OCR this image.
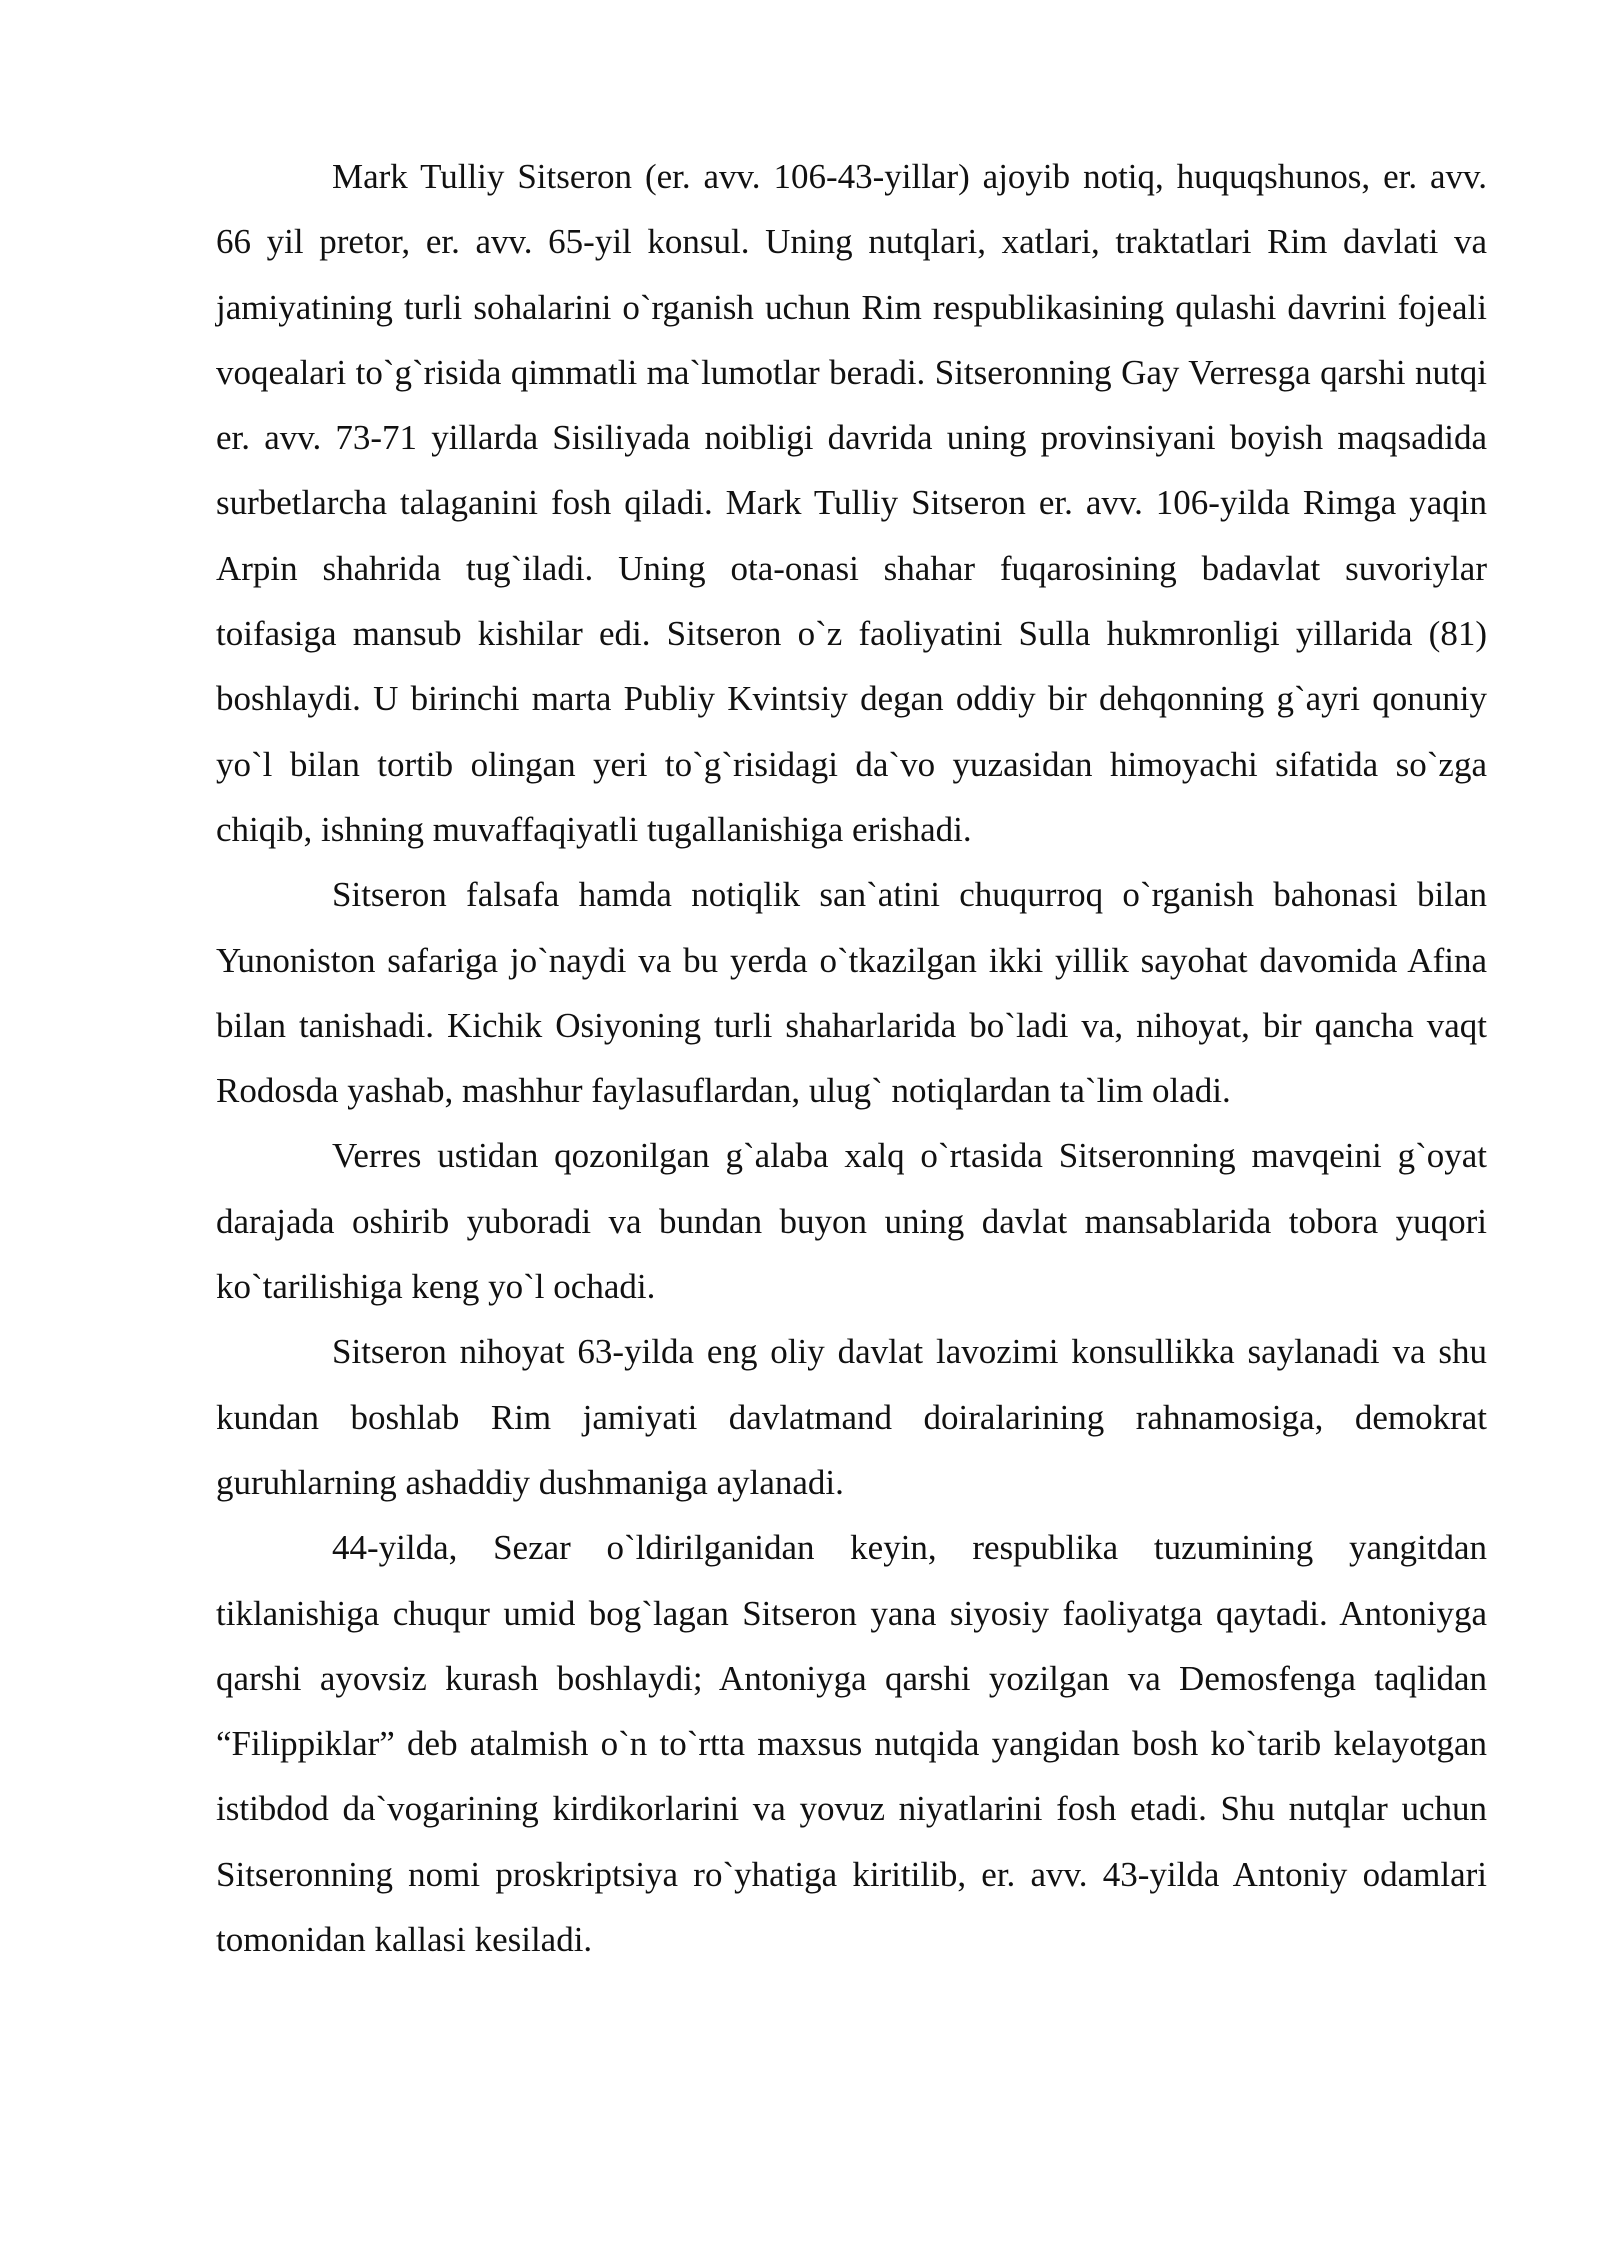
Mark Tulliy Sitseron (er. avv. 106-43-yillar) ajoyib notiq, huquqshunos, er. avv. 66 yil pretor, er. avv. 65-yil konsul. Uning nutqlari, xatlari, traktatlari Rim davlati va jamiyatining turli sohalarini o`rganish uchun Rim respublikasining qulashi davrini fojeali voqealari to`g`risida qimmatli ma`lumotlar beradi. Sitseronning Gay Verresga qarshi nutqi er. avv. 73-71 yillarda Sisiliyada noibligi davrida uning provinsiyani boyish maqsadida surbetlarcha talaganini fosh qiladi. Mark Tulliy Sitseron er. avv. 106-yilda Rimga yaqin Arpin shahrida tug`iladi. Uning ota-onasi shahar fuqarosining badavlat suvoriylar toifasiga mansub kishilar edi. Sitseron o`z faoliyatini Sulla hukmronligi yillarida (81) boshlaydi. U birinchi marta Publiy Kvintsiy degan oddiy bir dehqonning g`ayri qonuniy yo`l bilan tortib olingan yeri to`g`risidagi da`vo yuzasidan himoyachi sifatida so`zga chiqib, ishning muvaffaqiyatli tugallanishiga erishadi.

Sitseron falsafa hamda notiqlik san`atini chuqurroq o`rganish bahonasi bilan Yunoniston safariga jo`naydi va bu yerda o`tkazilgan ikki yillik sayohat davomida Afina bilan tanishadi. Kichik Osiyoning turli shaharlarida bo`ladi va, nihoyat, bir qancha vaqt Rodosda yashab, mashhur faylasuflardan, ulug` notiqlardan ta`lim oladi.

Verres ustidan qozonilgan g`alaba xalq o`rtasida Sitseronning mavqeini g`oyat darajada oshirib yuboradi va bundan buyon uning davlat mansablarida tobora yuqori ko`tarilishiga keng yo`l ochadi.

Sitseron nihoyat 63-yilda eng oliy davlat lavozimi konsullikka saylanadi va shu kundan boshlab Rim jamiyati davlatmand doiralarining rahnamosiga, demokrat guruhlarning ashaddiy dushmaniga aylanadi.

44-yilda, Sezar o`ldirilganidan keyin, respublika tuzumining yangitdan tiklanishiga chuqur umid bog`lagan Sitseron yana siyosiy faoliyatga qaytadi. Antoniyga qarshi ayovsiz kurash boshlaydi; Antoniyga qarshi yozilgan va Demosfenga taqlidan “Filippiklar” deb atalmish o`n to`rtta maxsus nutqida yangidan bosh ko`tarib kelayotgan istibdod da`vogarining kirdikorlarini va yovuz niyatlarini fosh etadi. Shu nutqlar uchun Sitseronning nomi proskriptsiya ro`yhatiga kiritilib, er. avv. 43-yilda Antoniy odamlari tomonidan kallasi kesiladi.
